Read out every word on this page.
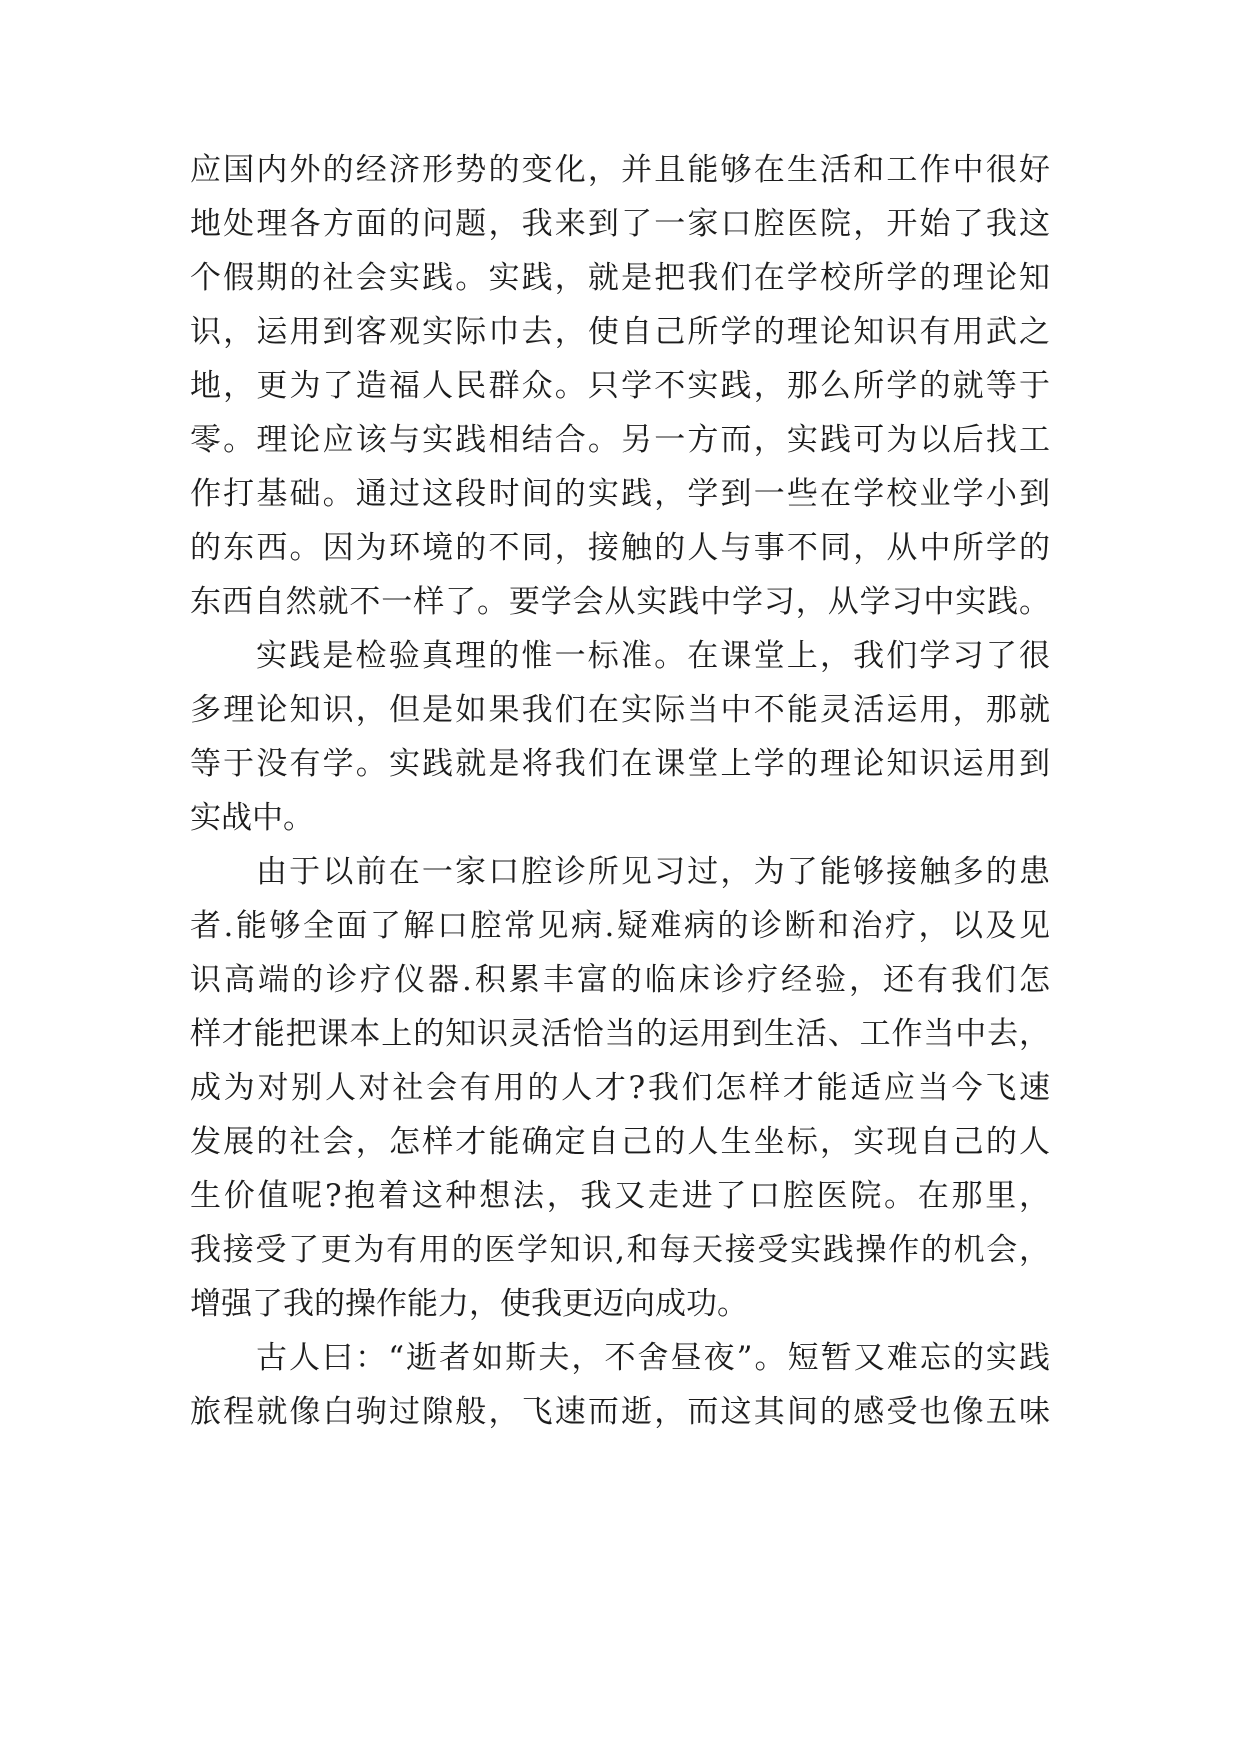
应国内外的经济形势的变化，并且能够在生活和工作中很好
地处理各方面的问题，我来到了一家口腔医院，开始了我这
个假期的社会实践。实践，就是把我们在学校所学的理论知
识，运用到客观实际巾去，使自己所学的理论知识有用武之
地，更为了造福人民群众。只学不实践，那么所学的就等于
零。理论应该与实践相结合。另一方而，实践可为以后找工
作打基础。通过这段时间的实践，学到一些在学校业学小到
的东西。因为环境的不同，接触的人与事不同，从中所学的
东西自然就不一样了。要学会从实践中学习，从学习中实践。
实践是检验真理的惟一标准。在课堂上，我们学习了很
多理论知识，但是如果我们在实际当中不能灵活运用，那就
等于没有学。实践就是将我们在课堂上学的理论知识运用到
实战中。
由于以前在一家口腔诊所见习过，为了能够接触多的患
者.能够全面了解口腔常见病.疑难病的诊断和治疗，以及见
识高端的诊疗仪器.积累丰富的临床诊疗经验，还有我们怎
样才能把课本上的知识灵活恰当的运用到生活、工作当中去，
成为对别人对社会有用的人才?我们怎样才能适应当今飞速
发展的社会，怎样才能确定自己的人生坐标，实现自己的人
生价值呢?抱着这种想法，我又走进了口腔医院。在那里，
我接受了更为有用的医学知识,和每天接受实践操作的机会，
增强了我的操作能力，使我更迈向成功。
古人曰：“逝者如斯夫，不舍昼夜”。短暂又难忘的实践
旅程就像白驹过隙般，飞速而逝，而这其间的感受也像五味
